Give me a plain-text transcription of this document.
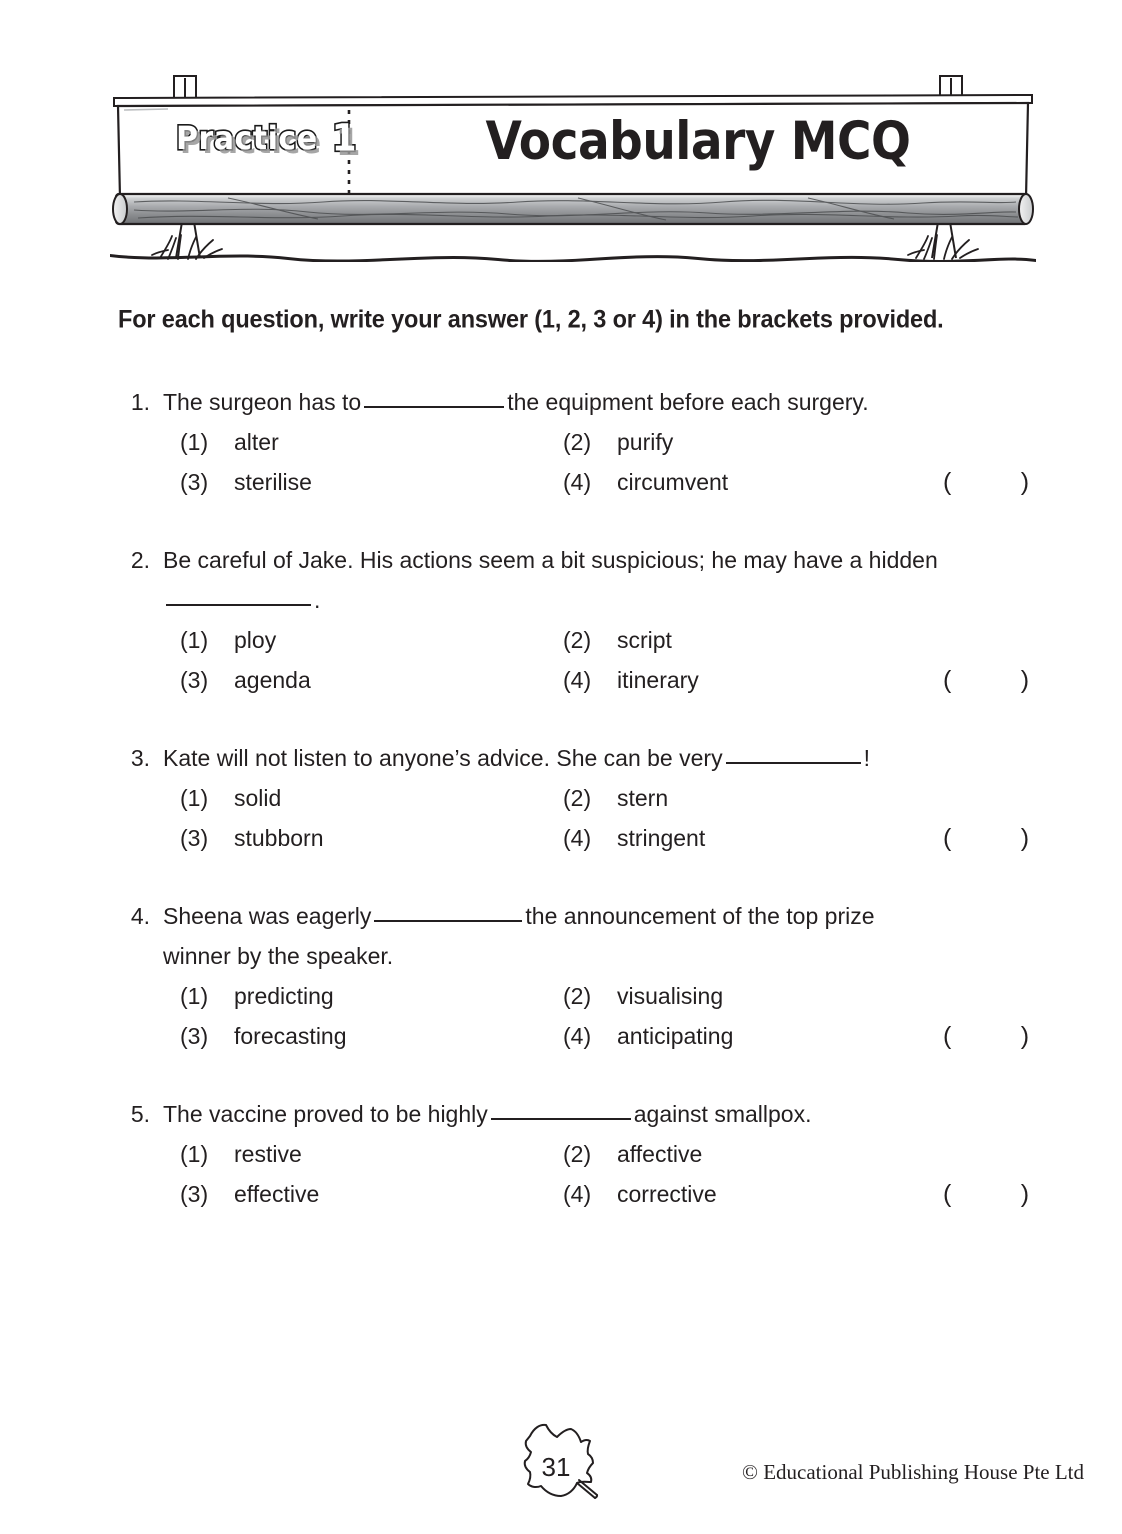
Practice 1	Vocabulary MCQ
For each question, write your answer (1, 2, 3 or 4) in the brackets provided.
1. The surgeon has to	the equipment before each surgery.
(1)	alter	(2)	purify
(3)	sterilise	(4)	circumvent	(          )
2. Be careful of Jake. His actions seem a bit suspicious; he may have a hidden
.
(1)	ploy	(2)	script
(3)	agenda	(4)	itinerary	(          )
3. Kate will not listen to anyone’s advice. She can be very	!
(1)	solid	(2)	stern
(3)	stubborn	(4)	stringent	(          )
4. Sheena was eagerly	the announcement of the top prize
winner by the speaker.
(1)	predicting	(2)	visualising
(3)	forecasting	(4)	anticipating	(          )
5. The vaccine proved to be highly	against smallpox.
(1)	restive	(2)	affective
(3)	effective	(4)	corrective	(          )
31	© Educational Publishing House Pte Ltd
